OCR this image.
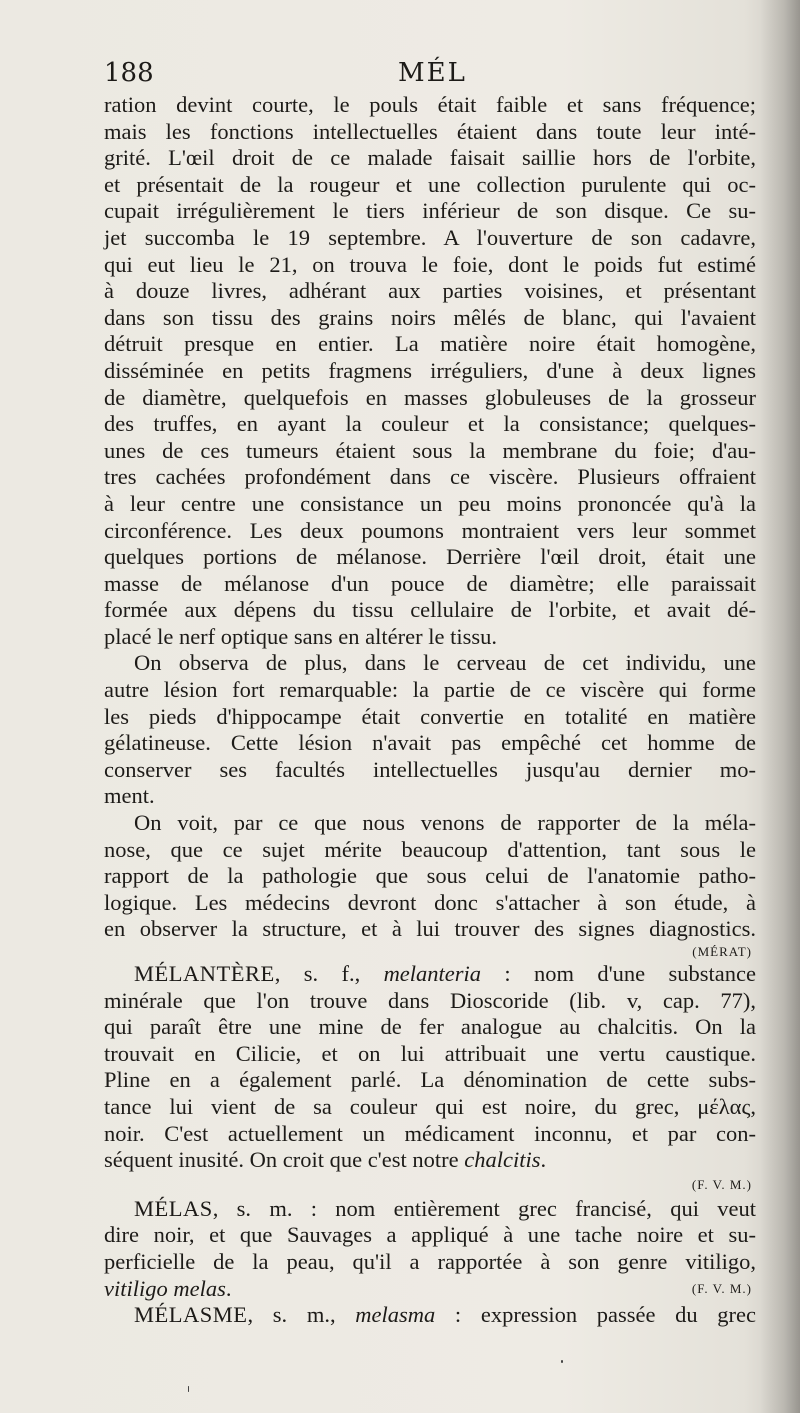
188	MÉL
ration devint courte, le pouls était faible et sans fréquence;
mais les fonctions intellectuelles étaient dans toute leur inté-
grité. L'œil droit de ce malade faisait saillie hors de l'orbite,
et présentait de la rougeur et une collection purulente qui oc-
cupait irrégulièrement le tiers inférieur de son disque. Ce su-
jet succomba le 19 septembre. A l'ouverture de son cadavre,
qui eut lieu le 21, on trouva le foie, dont le poids fut estimé
à douze livres, adhérant aux parties voisines, et présentant
dans son tissu des grains noirs mêlés de blanc, qui l'avaient
détruit presque en entier. La matière noire était homogène,
disséminée en petits fragmens irréguliers, d'une à deux lignes
de diamètre, quelquefois en masses globuleuses de la grosseur
des truffes, en ayant la couleur et la consistance; quelques-
unes de ces tumeurs étaient sous la membrane du foie; d'au-
tres cachées profondément dans ce viscère. Plusieurs offraient
à leur centre une consistance un peu moins prononcée qu'à la
circonférence. Les deux poumons montraient vers leur sommet
quelques portions de mélanose. Derrière l'œil droit, était une
masse de mélanose d'un pouce de diamètre; elle paraissait
formée aux dépens du tissu cellulaire de l'orbite, et avait dé-
placé le nerf optique sans en altérer le tissu.
On observa de plus, dans le cerveau de cet individu, une
autre lésion fort remarquable: la partie de ce viscère qui forme
les pieds d'hippocampe était convertie en totalité en matière
gélatineuse. Cette lésion n'avait pas empêché cet homme de
conserver ses facultés intellectuelles jusqu'au dernier mo-
ment.
On voit, par ce que nous venons de rapporter de la méla-
nose, que ce sujet mérite beaucoup d'attention, tant sous le
rapport de la pathologie que sous celui de l'anatomie patho-
logique. Les médecins devront donc s'attacher à son étude, à
en observer la structure, et à lui trouver des signes diagnostics.
(MÉRAT)
MÉLANTÈRE, s. f., melanteria : nom d'une substance
minérale que l'on trouve dans Dioscoride (lib. v, cap. 77),
qui paraît être une mine de fer analogue au chalcitis. On la
trouvait en Cilicie, et on lui attribuait une vertu caustique.
Pline en a également parlé. La dénomination de cette subs-
tance lui vient de sa couleur qui est noire, du grec, μέλας,
noir. C'est actuellement un médicament inconnu, et par con-
séquent inusité. On croit que c'est notre chalcitis.
(F. V. M.)
MÉLAS, s. m. : nom entièrement grec francisé, qui veut
dire noir, et que Sauvages a appliqué à une tache noire et su-
perficielle de la peau, qu'il a rapportée à son genre vitiligo,
vitiligo melas.	(F. V. M.)
MÉLASME, s. m., melasma : expression passée du grec
